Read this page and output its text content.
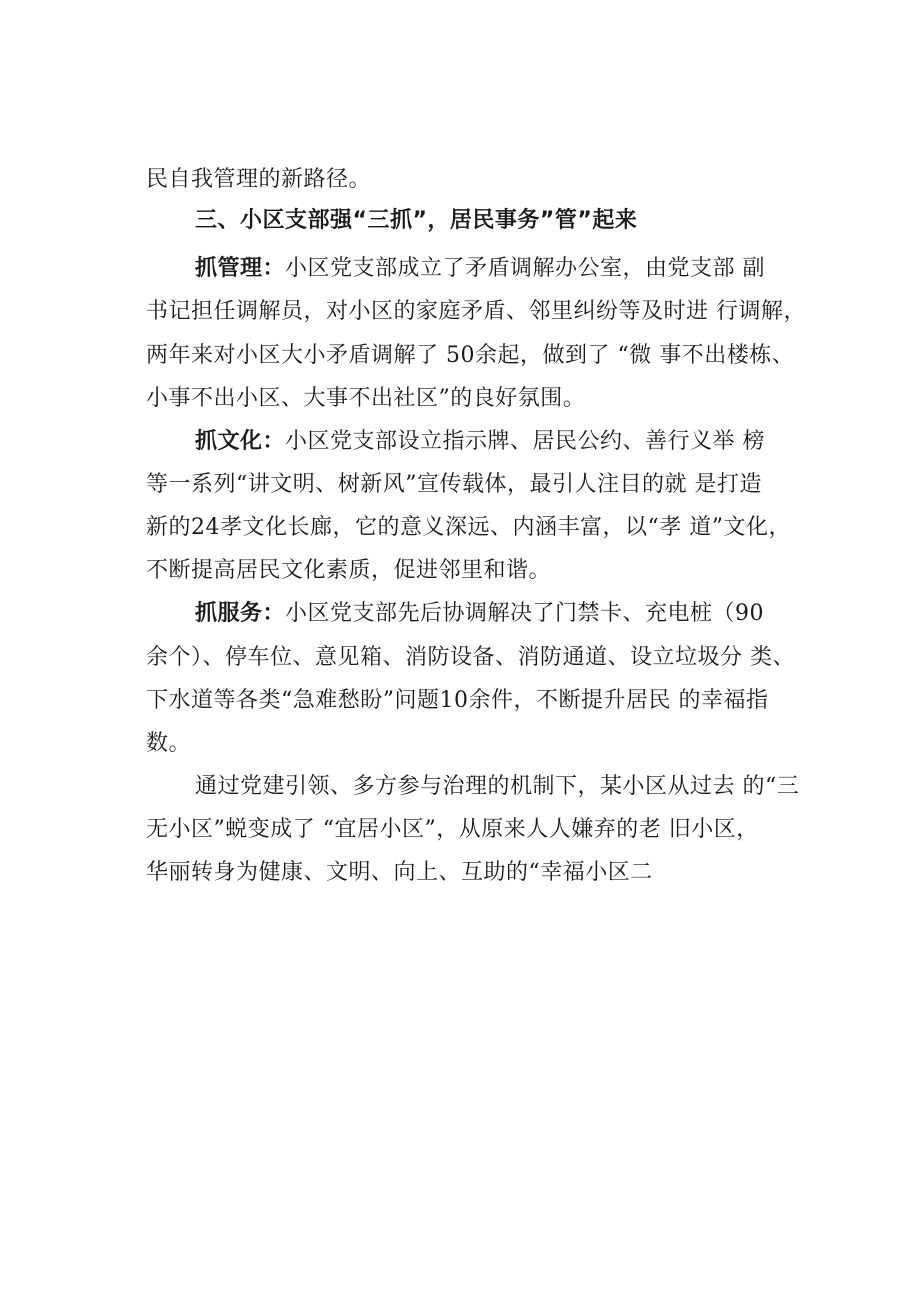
民自我管理的新路径。
三、小区支部强“三抓”，居民事务”管”起来
抓管理：小区党支部成立了矛盾调解办公室，由党支部 副
书记担任调解员，对小区的家庭矛盾、邻里纠纷等及时进 行调解，
两年来对小区大小矛盾调解了 50余起，做到了 “微 事不出楼栋、
小事不出小区、大事不出社区”的良好氛围。
抓文化：小区党支部设立指示牌、居民公约、善行义举 榜
等一系列“讲文明、树新风”宣传载体，最引人注目的就 是打造
新的24孝文化长廊，它的意义深远、内涵丰富，以“孝 道”文化，
不断提高居民文化素质，促进邻里和谐。
抓服务：小区党支部先后协调解决了门禁卡、充电桩（90
余个）、停车位、意见箱、消防设备、消防通道、设立垃圾分 类、
下水道等各类“急难愁盼”问题10余件，不断提升居民 的幸福指
数。
通过党建引领、多方参与治理的机制下，某小区从过去 的“三
无小区”蜕变成了 “宜居小区”，从原来人人嫌弃的老 旧小区，
华丽转身为健康、文明、向上、互助的“幸福小区二
